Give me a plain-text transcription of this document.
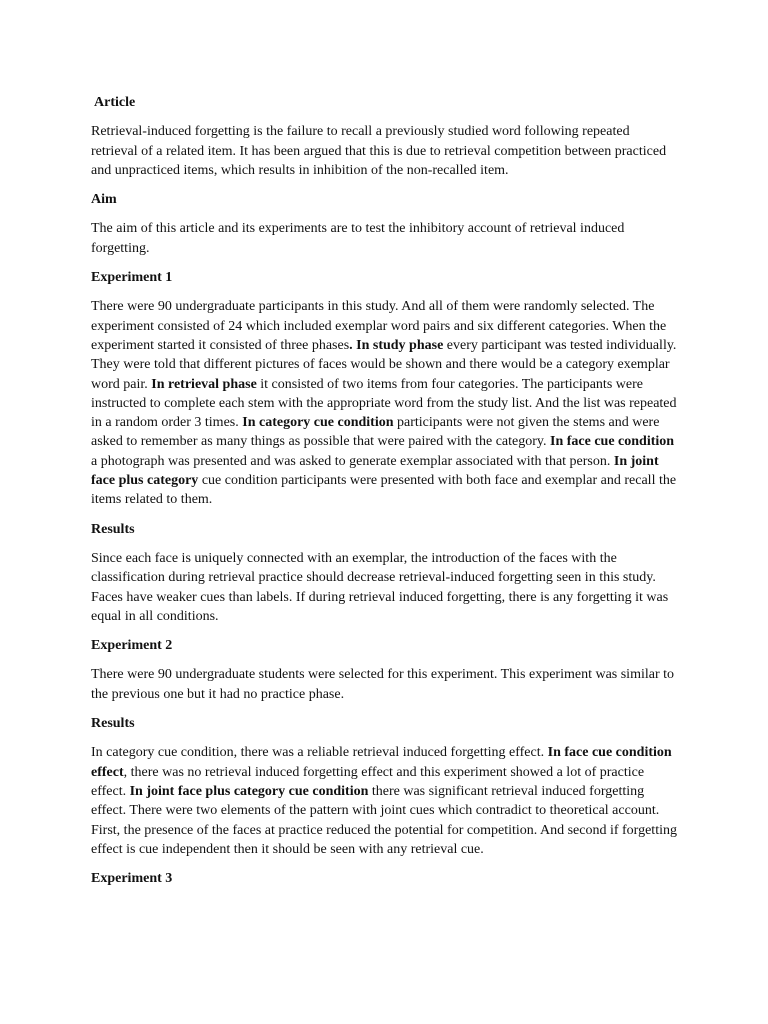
Article

Retrieval-induced forgetting is the failure to recall a previously studied word following repeated retrieval of a related item. It has been argued that this is due to retrieval competition between practiced and unpracticed items, which results in inhibition of the non-recalled item.

Aim

The aim of this article and its experiments are to test the inhibitory account of retrieval induced forgetting.

Experiment 1

There were 90 undergraduate participants in this study. And all of them were randomly selected. The experiment consisted of 24 which included exemplar word pairs and six different categories. When the experiment started it consisted of three phases. In study phase every participant was tested individually. They were told that different pictures of faces would be shown and there would be a category exemplar word pair. In retrieval phase it consisted of two items from four categories. The participants were instructed to complete each stem with the appropriate word from the study list. And the list was repeated in a random order 3 times. In category cue condition participants were not given the stems and were asked to remember as many things as possible that were paired with the category. In face cue condition a photograph was presented and was asked to generate exemplar associated with that person. In joint face plus category cue condition participants were presented with both face and exemplar and recall the items related to them.

Results

Since each face is uniquely connected with an exemplar, the introduction of the faces with the classification during retrieval practice should decrease retrieval-induced forgetting seen in this study. Faces have weaker cues than labels. If during retrieval induced forgetting, there is any forgetting it was equal in all conditions.

Experiment 2

There were 90 undergraduate students were selected for this experiment. This experiment was similar to the previous one but it had no practice phase.

Results

In category cue condition, there was a reliable retrieval induced forgetting effect. In face cue condition effect, there was no retrieval induced forgetting effect and this experiment showed a lot of practice effect. In joint face plus category cue condition there was significant retrieval induced forgetting effect. There were two elements of the pattern with joint cues which contradict to theoretical account. First, the presence of the faces at practice reduced the potential for competition. And second if forgetting effect is cue independent then it should be seen with any retrieval cue.

Experiment 3
